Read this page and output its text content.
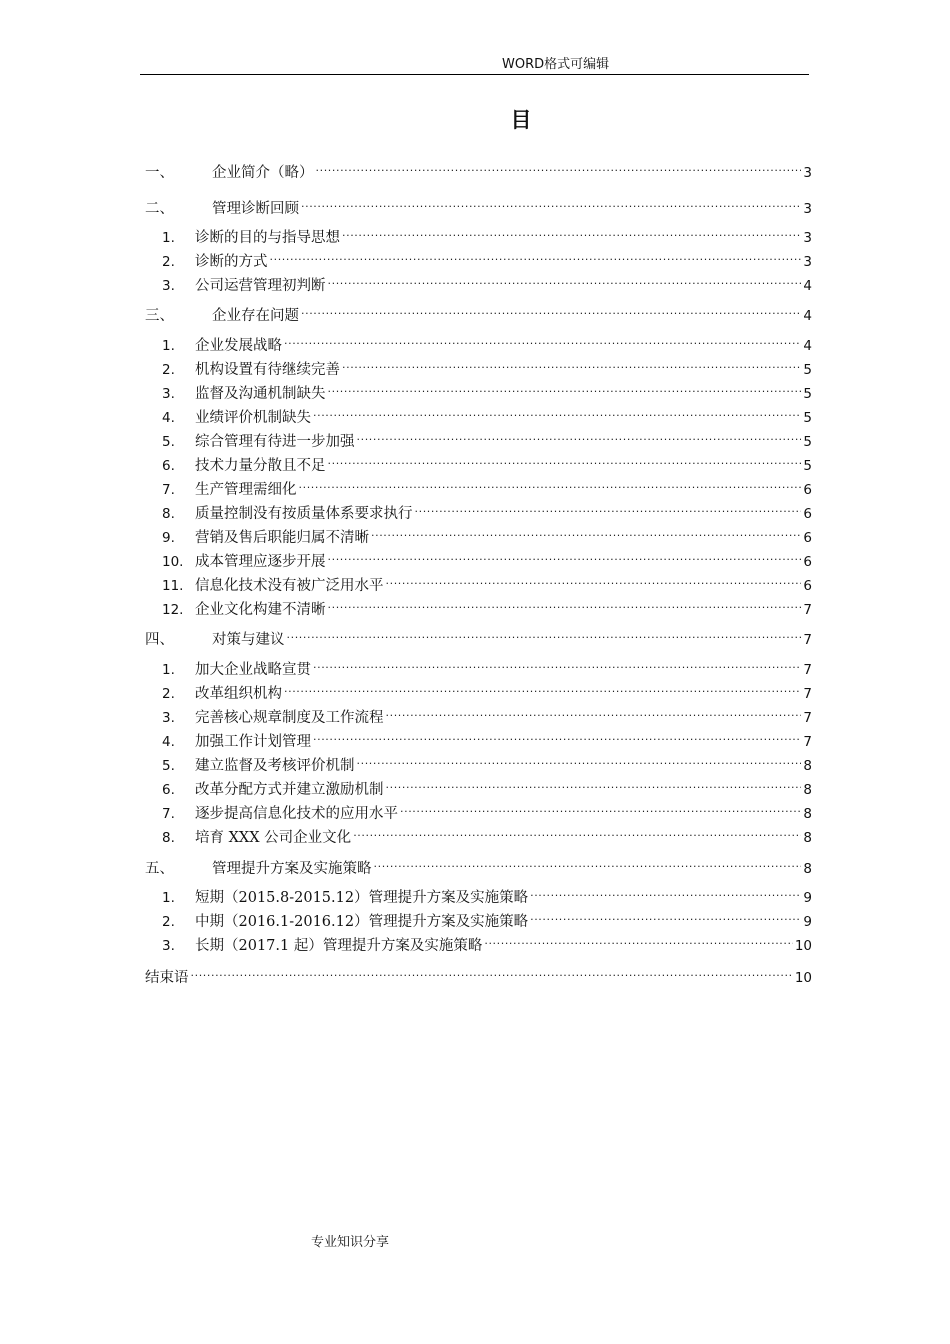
WORD格式可编辑
目
一、	企业简介（略） .....	3
二、	管理诊断回顾 .....	3
1.	诊断的目的与指导思想 .....	3
2.	诊断的方式 .....	3
3.	公司运营管理初判断 .....	4
三、	企业存在问题 .....	4
1.	企业发展战略 .....	4
2.	机构设置有待继续完善 .....	5
3.	监督及沟通机制缺失 .....	5
4.	业绩评价机制缺失 .....	5
5.	综合管理有待进一步加强 .....	5
6.	技术力量分散且不足 .....	5
7.	生产管理需细化 .....	6
8.	质量控制没有按质量体系要求执行 .....	6
9.	营销及售后职能归属不清晰 .....	6
10. 成本管理应逐步开展 .....	6
11. 信息化技术没有被广泛用水平 .....	6
12. 企业文化构建不清晰 .....	7
四、	对策与建议 .....	7
1.	加大企业战略宣贯 .....	7
2.	改革组织机构 .....	7
3.	完善核心规章制度及工作流程 .....	7
4.	加强工作计划管理 .....	7
5.	建立监督及考核评价机制 .....	8
6.	改革分配方式并建立激励机制 .....	8
7.	逐步提高信息化技术的应用水平 .....	8
8.	培育 XXX 公司企业文化 .....	8
五、	管理提升方案及实施策略 .....	8
1.	短期（2015.8-2015.12）管理提升方案及实施策略 .....	9
2.	中期（2016.1-2016.12）管理提升方案及实施策略 .....	9
3.	长期（2017.1 起）管理提升方案及实施策略 .....	10
结束语 .....	10
专业知识分享
